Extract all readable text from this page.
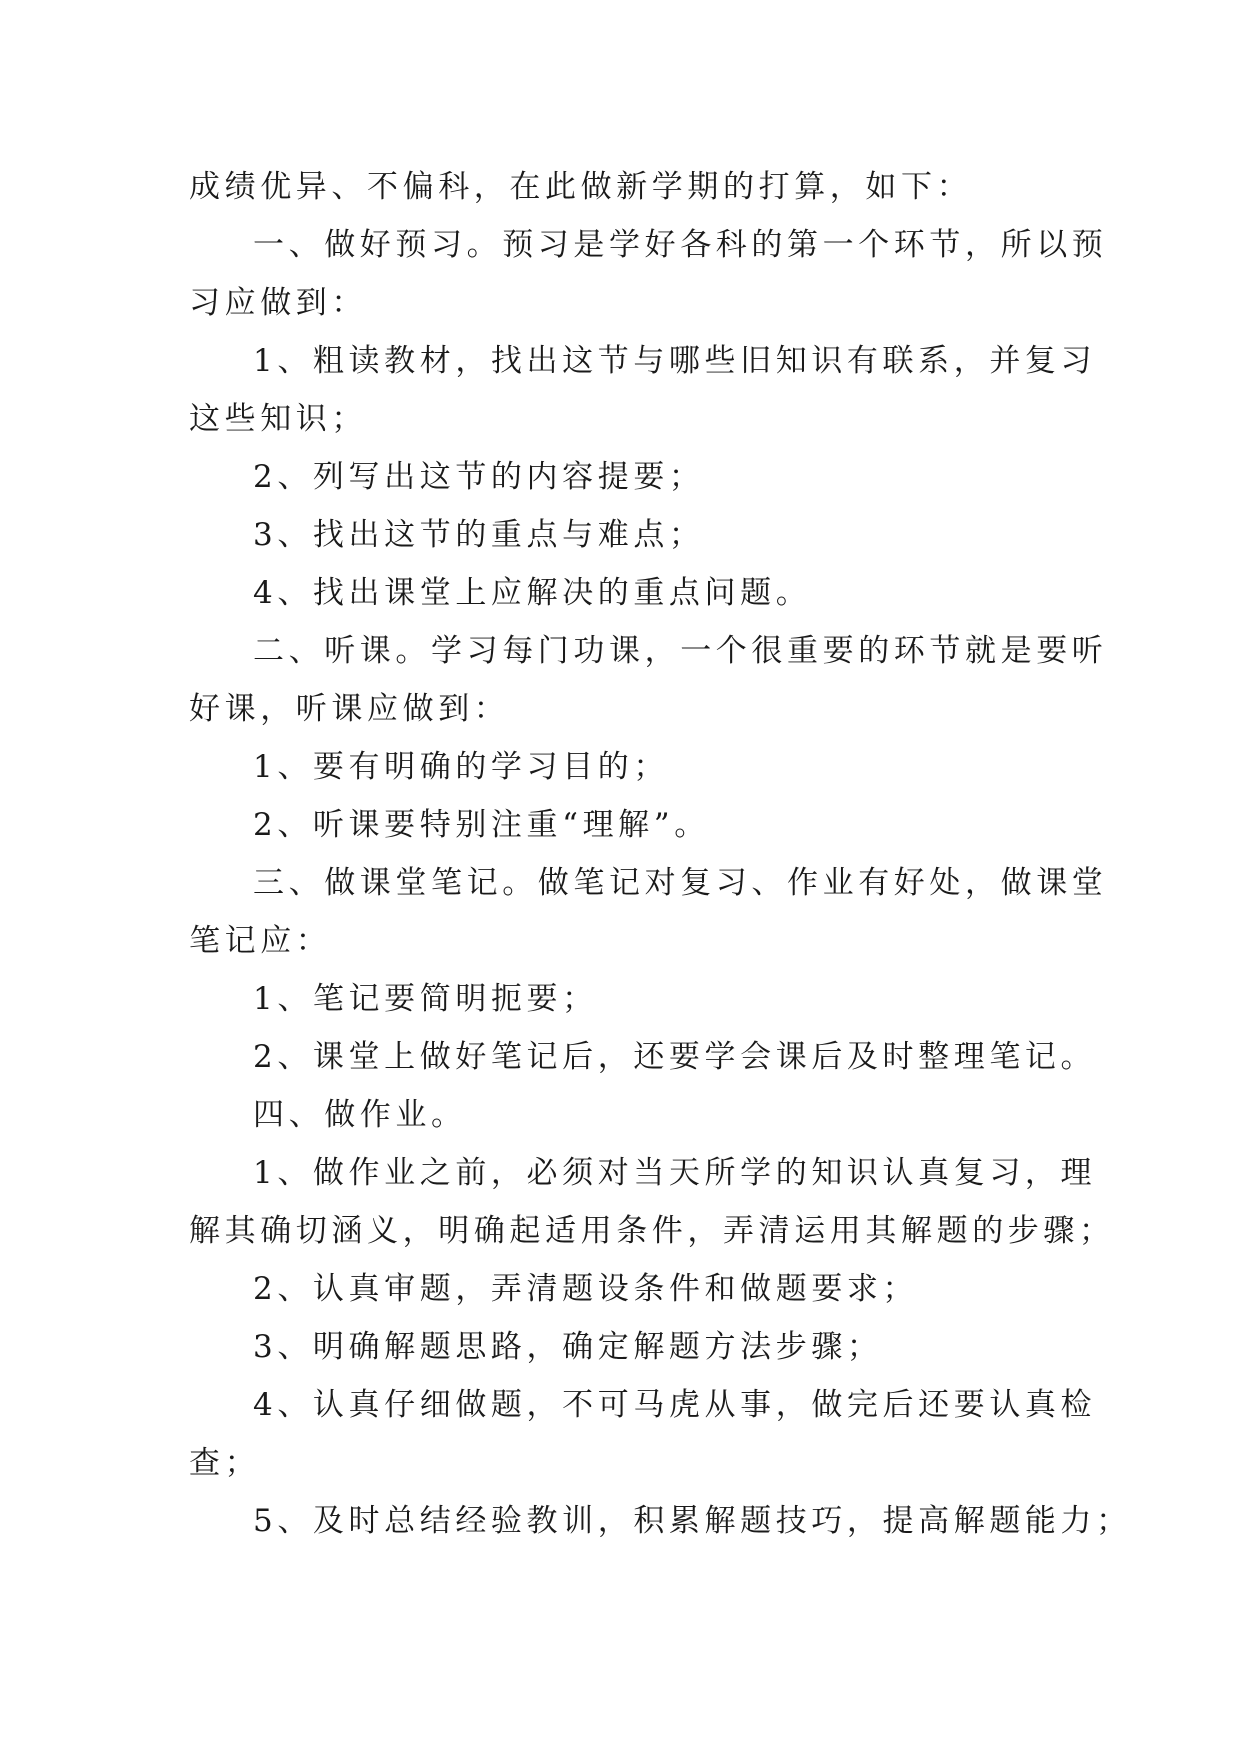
成绩优异、不偏科，在此做新学期的打算，如下：
一、做好预习。预习是学好各科的第一个环节，所以预
习应做到：
1、粗读教材，找出这节与哪些旧知识有联系，并复习
这些知识；
2、列写出这节的内容提要；
3、找出这节的重点与难点；
4、找出课堂上应解决的重点问题。
二、听课。学习每门功课，一个很重要的环节就是要听
好课，听课应做到：
1、要有明确的学习目的；
2、听课要特别注重“理解”。
三、做课堂笔记。做笔记对复习、作业有好处，做课堂
笔记应：
1、笔记要简明扼要；
2、课堂上做好笔记后，还要学会课后及时整理笔记。
四、做作业。
1、做作业之前，必须对当天所学的知识认真复习，理
解其确切涵义，明确起适用条件，弄清运用其解题的步骤；
2、认真审题，弄清题设条件和做题要求；
3、明确解题思路，确定解题方法步骤；
4、认真仔细做题，不可马虎从事，做完后还要认真检
查；
5、及时总结经验教训，积累解题技巧，提高解题能力；
